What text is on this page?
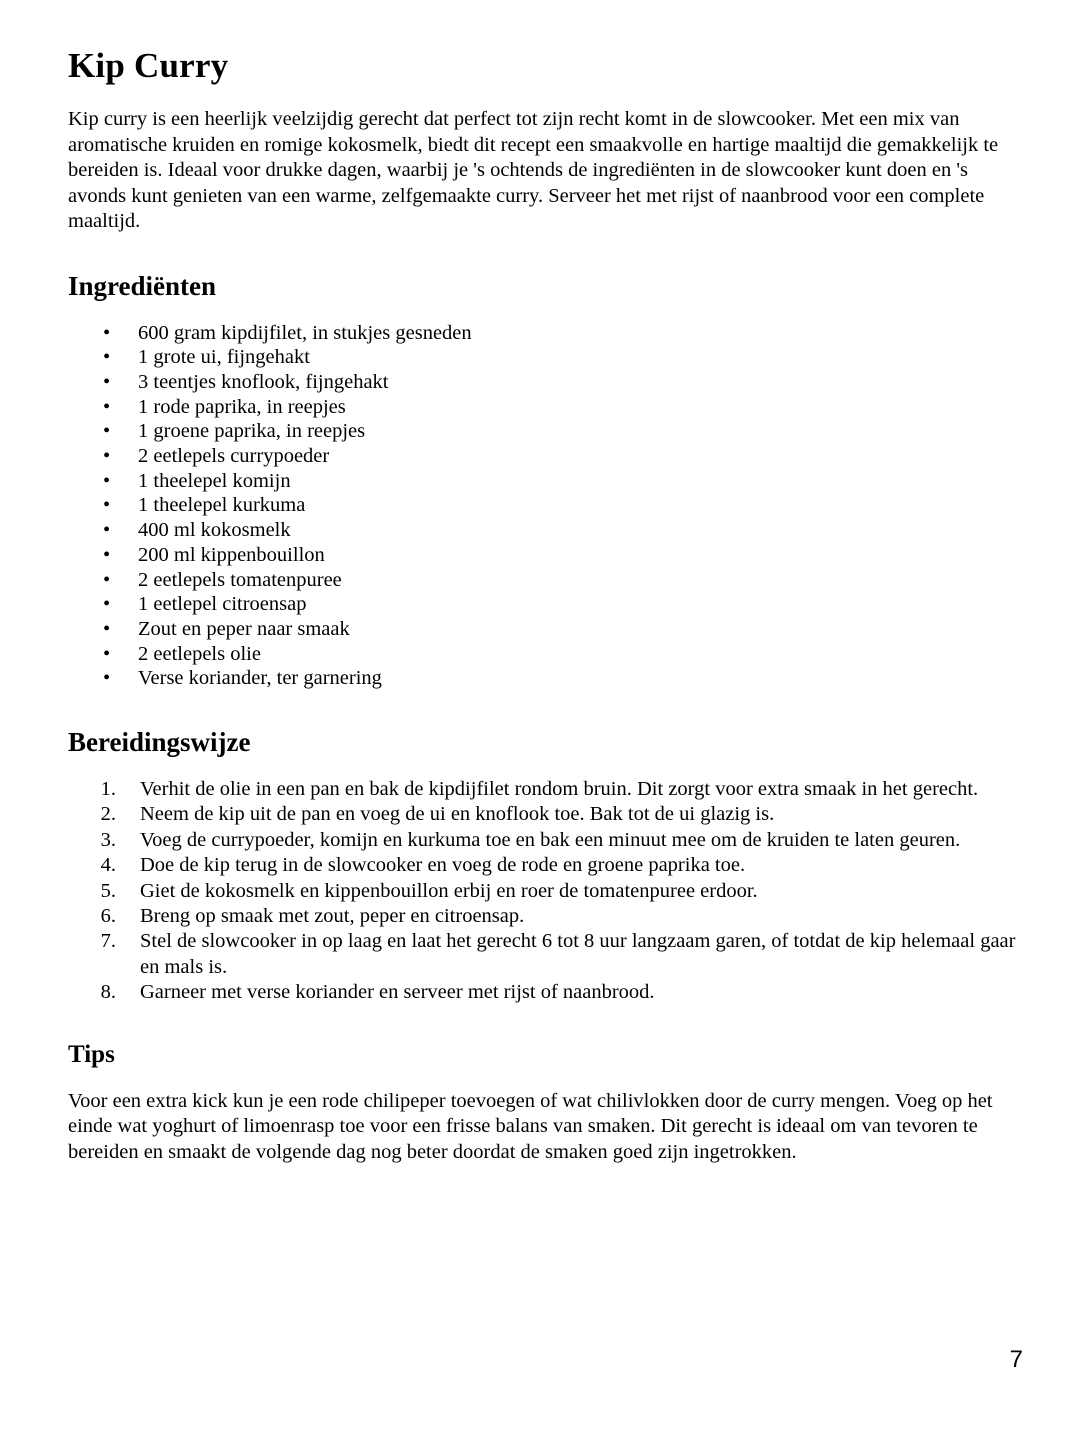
Kip Curry

Kip curry is een heerlijk veelzijdig gerecht dat perfect tot zijn recht komt in de slowcooker. Met een mix van aromatische kruiden en romige kokosmelk, biedt dit recept een smaakvolle en hartige maaltijd die gemakkelijk te bereiden is. Ideaal voor drukke dagen, waarbij je 's ochtends de ingrediënten in de slowcooker kunt doen en 's avonds kunt genieten van een warme, zelfgemaakte curry. Serveer het met rijst of naanbrood voor een complete maaltijd.

Ingrediënten
• 600 gram kipdijfilet, in stukjes gesneden
• 1 grote ui, fijngehakt
• 3 teentjes knoflook, fijngehakt
• 1 rode paprika, in reepjes
• 1 groene paprika, in reepjes
• 2 eetlepels currypoeder
• 1 theelepel komijn
• 1 theelepel kurkuma
• 400 ml kokosmelk
• 200 ml kippenbouillon
• 2 eetlepels tomatenpuree
• 1 eetlepel citroensap
• Zout en peper naar smaak
• 2 eetlepels olie
• Verse koriander, ter garnering
Bereidingswijze
1. Verhit de olie in een pan en bak de kipdijfilet rondom bruin. Dit zorgt voor extra smaak in het gerecht.
2. Neem de kip uit de pan en voeg de ui en knoflook toe. Bak tot de ui glazig is.
3. Voeg de currypoeder, komijn en kurkuma toe en bak een minuut mee om de kruiden te laten geuren.
4. Doe de kip terug in de slowcooker en voeg de rode en groene paprika toe.
5. Giet de kokosmelk en kippenbouillon erbij en roer de tomatenpuree erdoor.
6. Breng op smaak met zout, peper en citroensap.
7. Stel de slowcooker in op laag en laat het gerecht 6 tot 8 uur langzaam garen, of totdat de kip helemaal gaar en mals is.
8. Garneer met verse koriander en serveer met rijst of naanbrood.
Tips

Voor een extra kick kun je een rode chilipeper toevoegen of wat chilivlokken door de curry mengen. Voeg op het einde wat yoghurt of limoenrasp toe voor een frisse balans van smaken. Dit gerecht is ideaal om van tevoren te bereiden en smaakt de volgende dag nog beter doordat de smaken goed zijn ingetrokken.

7
